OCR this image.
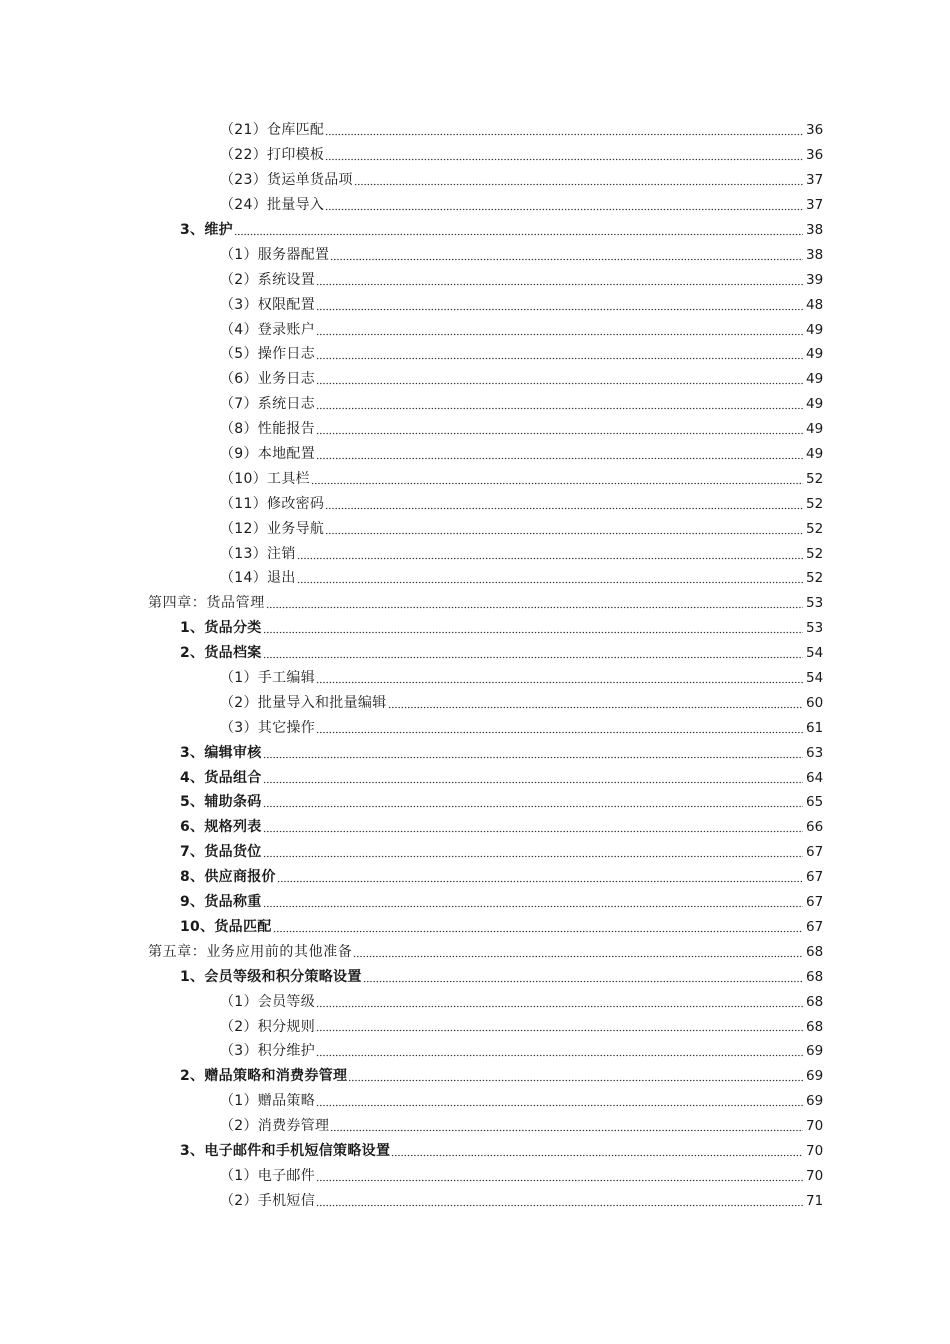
（21）仓库匹配	36
（22）打印模板	36
（23）货运单货品项	37
（24）批量导入	37
3、维护	38
（1）服务器配置	38
（2）系统设置	39
（3）权限配置	48
（4）登录账户	49
（5）操作日志	49
（6）业务日志	49
（7）系统日志	49
（8）性能报告	49
（9）本地配置	49
（10）工具栏	52
（11）修改密码	52
（12）业务导航	52
（13）注销	52
（14）退出	52
第四章：货品管理	53
1、货品分类	53
2、货品档案	54
（1）手工编辑	54
（2）批量导入和批量编辑	60
（3）其它操作	61
3、编辑审核	63
4、货品组合	64
5、辅助条码	65
6、规格列表	66
7、货品货位	67
8、供应商报价	67
9、货品称重	67
10、货品匹配	67
第五章：业务应用前的其他准备	68
1、会员等级和积分策略设置	68
（1）会员等级	68
（2）积分规则	68
（3）积分维护	69
2、赠品策略和消费券管理	69
（1）赠品策略	69
（2）消费券管理	70
3、电子邮件和手机短信策略设置	70
（1）电子邮件	70
（2）手机短信	71
